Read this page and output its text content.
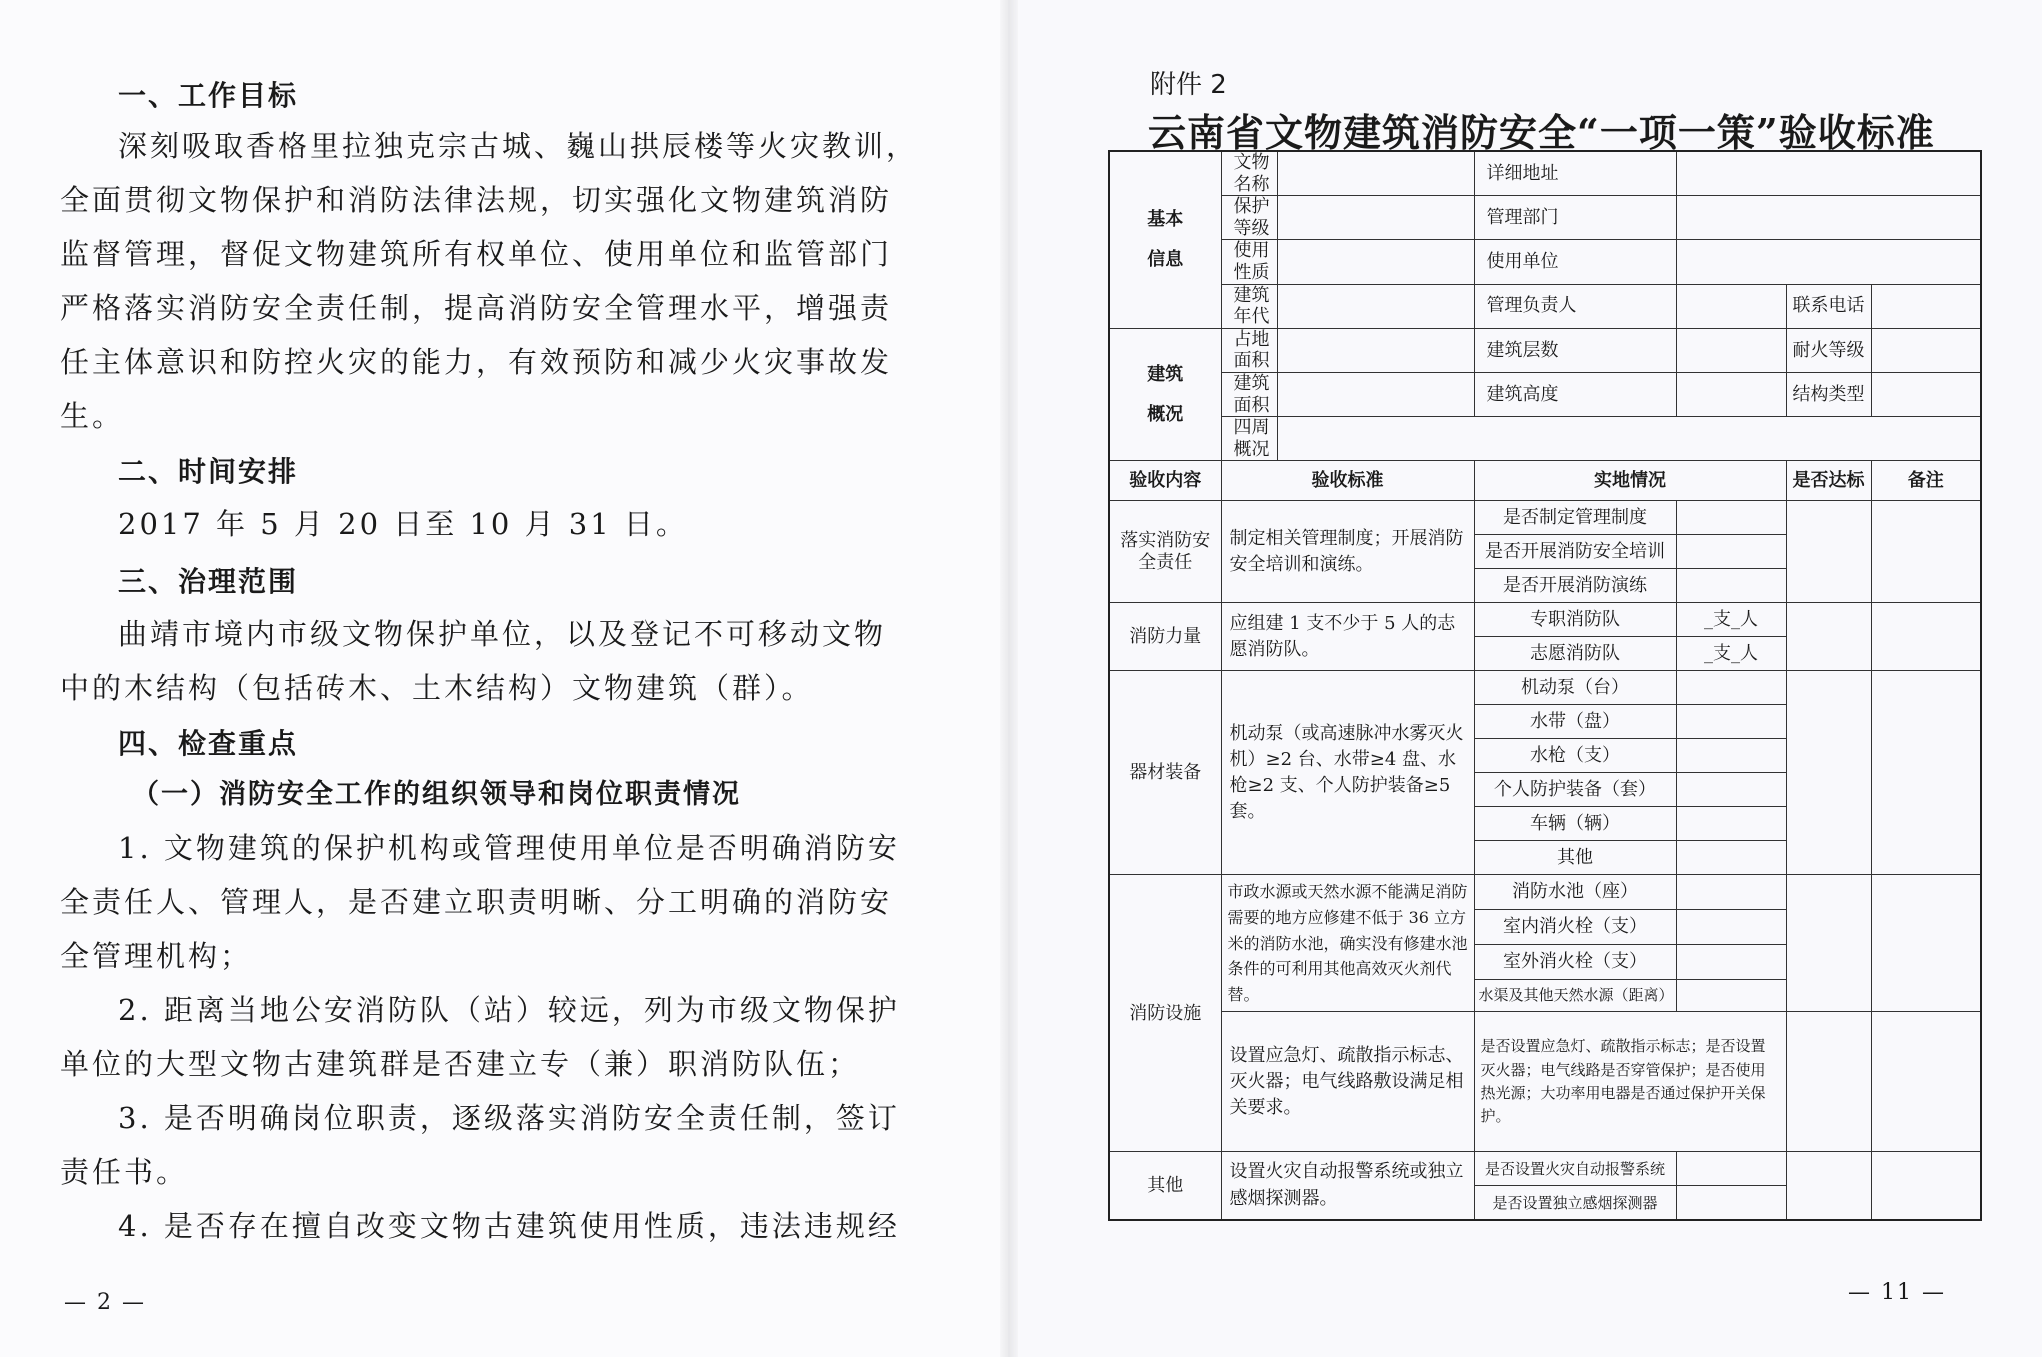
一、工作目标
深刻吸取香格里拉独克宗古城、巍山拱辰楼等火灾教训，
全面贯彻文物保护和消防法律法规，切实强化文物建筑消防
监督管理，督促文物建筑所有权单位、使用单位和监管部门
严格落实消防安全责任制，提高消防安全管理水平，增强责
任主体意识和防控火灾的能力，有效预防和减少火灾事故发
生。
二、时间安排
2017 年 5 月 20 日至 10 月 31 日。
三、治理范围
曲靖市境内市级文物保护单位，以及登记不可移动文物
中的木结构（包括砖木、土木结构）文物建筑（群）。
四、检查重点
（一）消防安全工作的组织领导和岗位职责情况
1. 文物建筑的保护机构或管理使用单位是否明确消防安
全责任人、管理人，是否建立职责明晰、分工明确的消防安
全管理机构；
2. 距离当地公安消防队（站）较远，列为市级文物保护
单位的大型文物古建筑群是否建立专（兼）职消防队伍；
3. 是否明确岗位职责，逐级落实消防安全责任制，签订
责任书。
4. 是否存在擅自改变文物古建筑使用性质，违法违规经
— 2 —
附件 2
云南省文物建筑消防安全“一项一策”验收标准
基本
信息	文物名称		详细地址			
	保护等级		管理部门			
	使用性质		使用单位			
	建筑年代		管理负责人		联系电话	

建筑
概况	占地面积		建筑层数		耐火等级	
	建筑面积		建筑高度		结构类型	
	四周概况					
验收内容	验收标准		实地情况		是否达标	备注
落实消防安全责任	制定相关管理制度；开展消防安全培训和演练。		是否制定管理制度			
			是否开展消防安全培训			
			是否开展消防演练			
消防力量	应组建 1 支不少于 5 人的志愿消防队。		专职消防队	_支_人		
			志愿消防队	_支_人		
器材装备	机动泵（或高速脉冲水雾灭火机）≥2 台、水带≥4 盘、水枪≥2 支、个人防护装备≥5 套。		机动泵（台）			
			水带（盘）			
			水枪（支）			
			个人防护装备（套）			
			车辆（辆）			
			其他			
消防设施	市政水源或天然水源不能满足消防需要的地方应修建不低于 36 立方米的消防水池，确实没有修建水池条件的可利用其他高效灭火剂代替。		消防水池（座）			
			室内消火栓（支）			
			室外消火栓（支）			
			水渠及其他天然水源（距离）			
	设置应急灯、疏散指示标志、灭火器；电气线路敷设满足相关要求。		是否设置应急灯、疏散指示标志；是否设置灭火器；电气线路是否穿管保护；是否使用热光源；大功率用电器是否通过保护开关保护。			
其他	设置火灾自动报警系统或独立感烟探测器。		是否设置火灾自动报警系统			
			是否设置独立感烟探测器			
— 11 —
